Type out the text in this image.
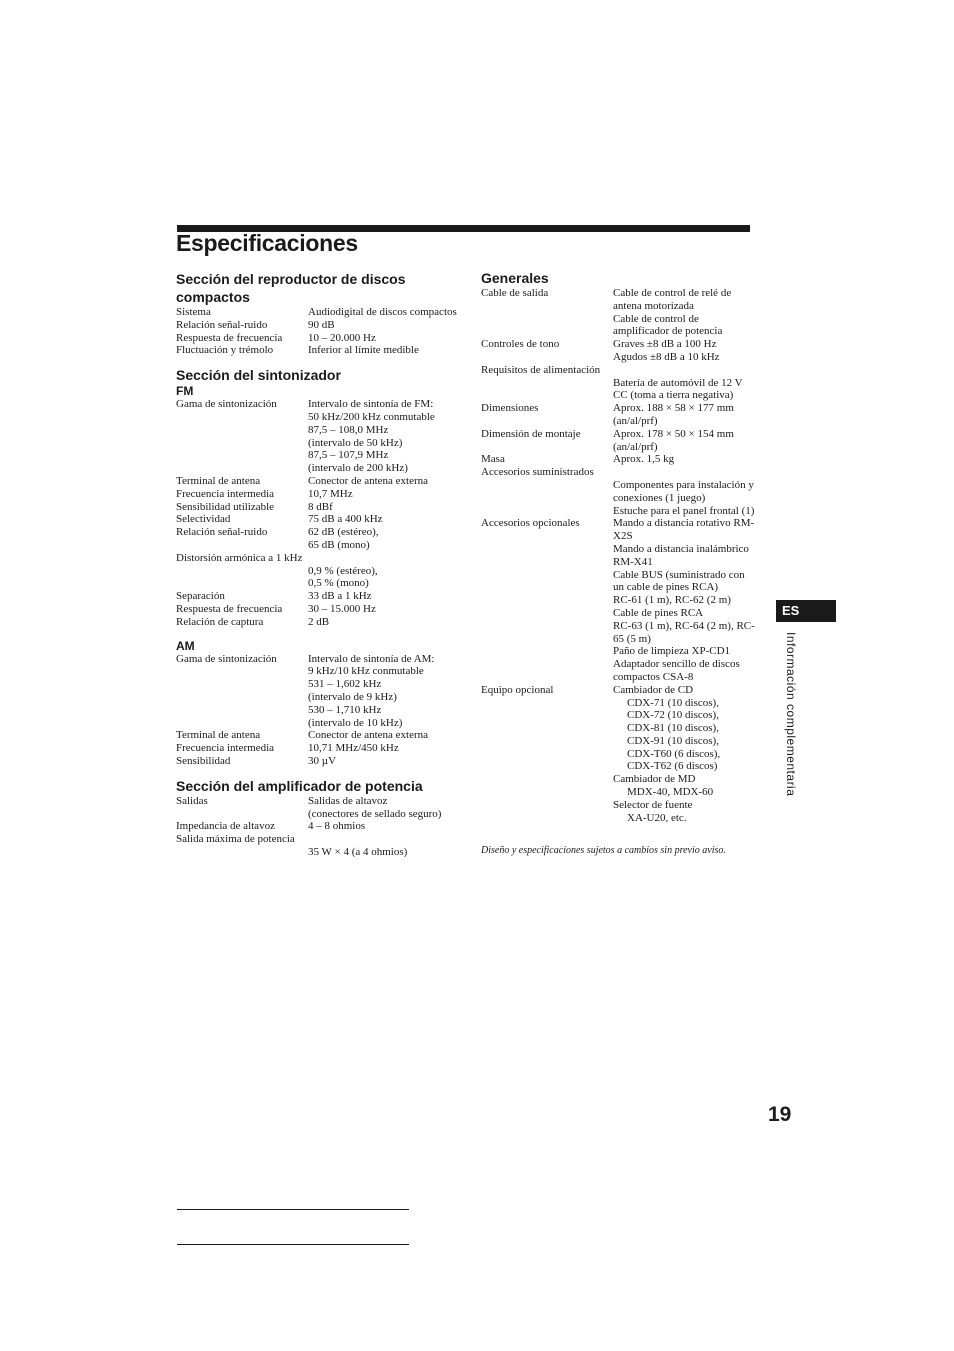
Especificaciones
Sección del reproductor de discos compactos
Sistema	Audiodigital de discos compactos
Relación señal-ruido	90 dB
Respuesta de frecuencia	10 – 20.000 Hz
Fluctuación y trémolo	Inferior al límite medible
Sección del sintonizador
FM
Gama de sintonización	Intervalo de sintonía de FM:
50 kHz/200 kHz conmutable
87,5 – 108,0 MHz
(intervalo de 50 kHz)
87,5 – 107,9 MHz
(intervalo de 200 kHz)
Terminal de antena	Conector de antena externa
Frecuencia intermedia	10,7 MHz
Sensibilidad utilizable	8 dBf
Selectividad	75 dB a 400 kHz
Relación señal-ruido	62 dB (estéreo),
65 dB (mono)
Distorsión armónica a 1 kHz
0,9 % (estéreo),
0,5 % (mono)
Separación	33 dB a 1 kHz
Respuesta de frecuencia	30 – 15.000 Hz
Relación de captura	2 dB
AM
Gama de sintonización	Intervalo de sintonía de AM:
9 kHz/10 kHz conmutable
531 – 1,602 kHz
(intervalo de 9 kHz)
530 – 1,710 kHz
(intervalo de 10 kHz)
Terminal de antena	Conector de antena externa
Frecuencia intermedia	10,71 MHz/450 kHz
Sensibilidad	30 µV
Sección del amplificador de potencia
Salidas	Salidas de altavoz
(conectores de sellado seguro)
Impedancia de altavoz	4 – 8 ohmios
Salida máxima de potencia
35 W × 4 (a 4 ohmios)
Generales
Cable de salida	Cable de control de relé de antena motorizada
Cable de control de amplificador de potencia
Controles de tono	Graves ±8 dB a 100 Hz
Agudos ±8 dB a 10 kHz
Requisitos de alimentación
Batería de automóvil de 12 V CC (toma a tierra negativa)
Dimensiones	Aprox. 188 × 58 × 177 mm
(an/al/prf)
Dimensión de montaje	Aprox. 178 × 50 × 154 mm
(an/al/prf)
Masa	Aprox. 1,5 kg
Accesorios suministrados
Componentes para instalación y conexiones (1 juego)
Estuche para el panel frontal (1)
Accesorios opcionales	Mando a distancia rotativo RM-X2S
Mando a distancia inalámbrico RM-X41
Cable BUS (suministrado con un cable de pines RCA)
RC-61 (1 m), RC-62 (2 m)
Cable de pines RCA
RC-63 (1 m), RC-64 (2 m), RC-65 (5 m)
Paño de limpieza XP-CD1
Adaptador sencillo de discos compactos CSA-8
Equipo opcional	Cambiador de CD
CDX-71 (10 discos),
CDX-72 (10 discos),
CDX-81 (10 discos),
CDX-91 (10 discos),
CDX-T60 (6 discos),
CDX-T62 (6 discos)
Cambiador de MD
MDX-40, MDX-60
Selector de fuente
XA-U20, etc.
Diseño y especificaciones sujetos a cambios sin previo aviso.
ES
Información complementaria
19
